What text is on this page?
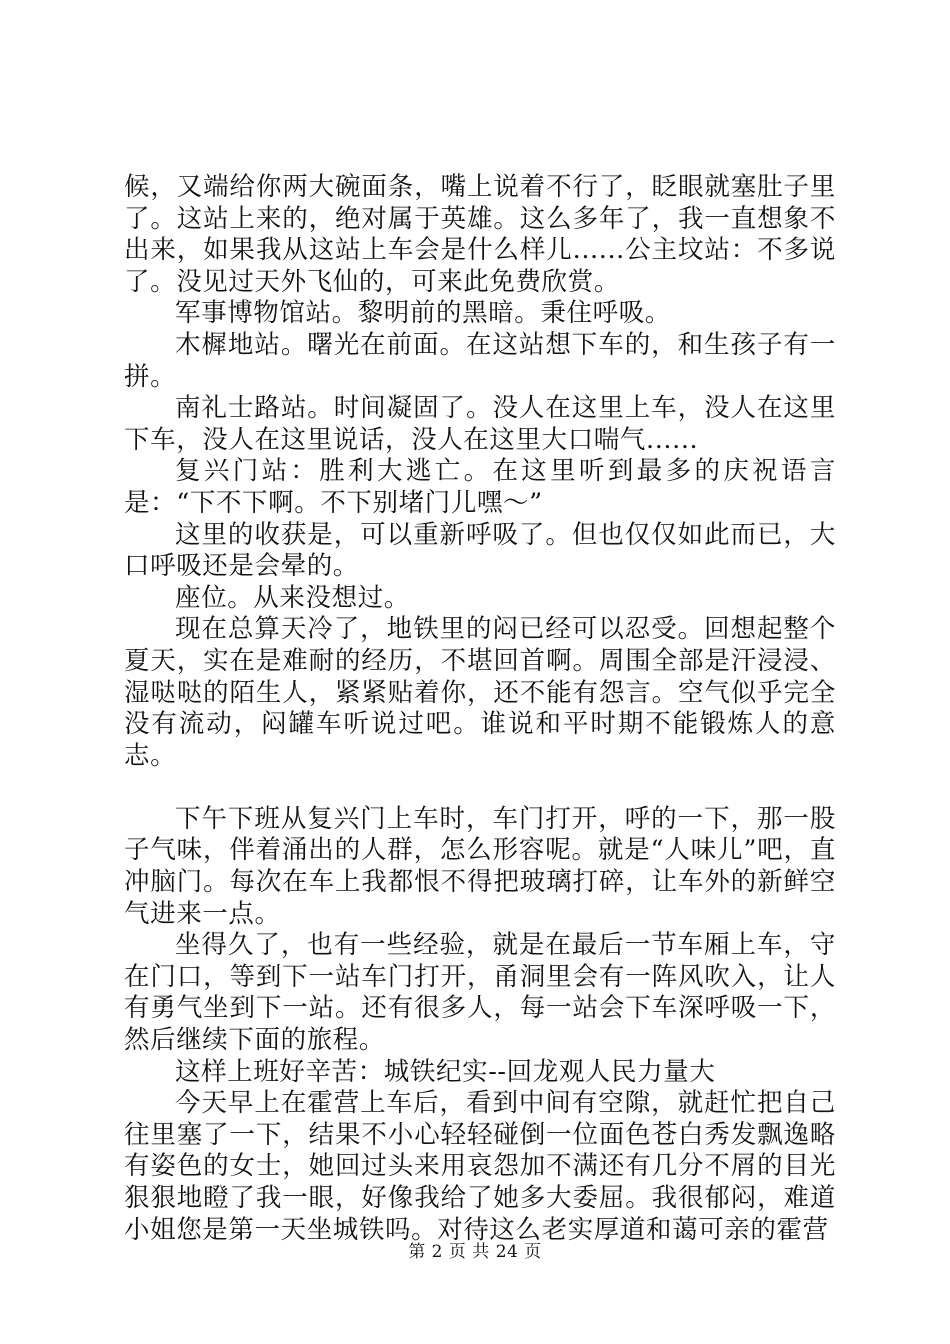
候，又端给你两大碗面条，嘴上说着不行了，眨眼就塞肚子里了。这站上来的，绝对属于英雄。这么多年了，我一直想象不出来，如果我从这站上车会是什么样儿......公主坟站：不多说了。没见过天外飞仙的，可来此免费欣赏。

军事博物馆站。黎明前的黑暗。秉住呼吸。

木樨地站。曙光在前面。在这站想下车的，和生孩子有一拼。

南礼士路站。时间凝固了。没人在这里上车，没人在这里下车，没人在这里说话，没人在这里大口喘气......

复兴门站：胜利大逃亡。在这里听到最多的庆祝语言是：“下不下啊。不下别堵门儿嘿～”

这里的收获是，可以重新呼吸了。但也仅仅如此而已，大口呼吸还是会晕的。

座位。从来没想过。

现在总算天冷了，地铁里的闷已经可以忍受。回想起整个夏天，实在是难耐的经历，不堪回首啊。周围全部是汗浸浸、湿哒哒的陌生人，紧紧贴着你，还不能有怨言。空气似乎完全没有流动，闷罐车听说过吧。谁说和平时期不能锻炼人的意志。

下午下班从复兴门上车时，车门打开，呼的一下，那一股子气味，伴着涌出的人群，怎么形容呢。就是“人味儿”吧，直冲脑门。每次在车上我都恨不得把玻璃打碎，让车外的新鲜空气进来一点。

坐得久了，也有一些经验，就是在最后一节车厢上车，守在门口，等到下一站车门打开，甬洞里会有一阵风吹入，让人有勇气坐到下一站。还有很多人，每一站会下车深呼吸一下，然后继续下面的旅程。

这样上班好辛苦：城铁纪实--回龙观人民力量大

今天早上在霍营上车后，看到中间有空隙，就赶忙把自己往里塞了一下，结果不小心轻轻碰倒一位面色苍白秀发飘逸略有姿色的女士，她回过头来用哀怨加不满还有几分不屑的目光狠狠地瞪了我一眼，好像我给了她多大委屈。我很郁闷，难道小姐您是第一天坐城铁吗。对待这么老实厚道和蔼可亲的霍营

第 2 页 共 24 页
